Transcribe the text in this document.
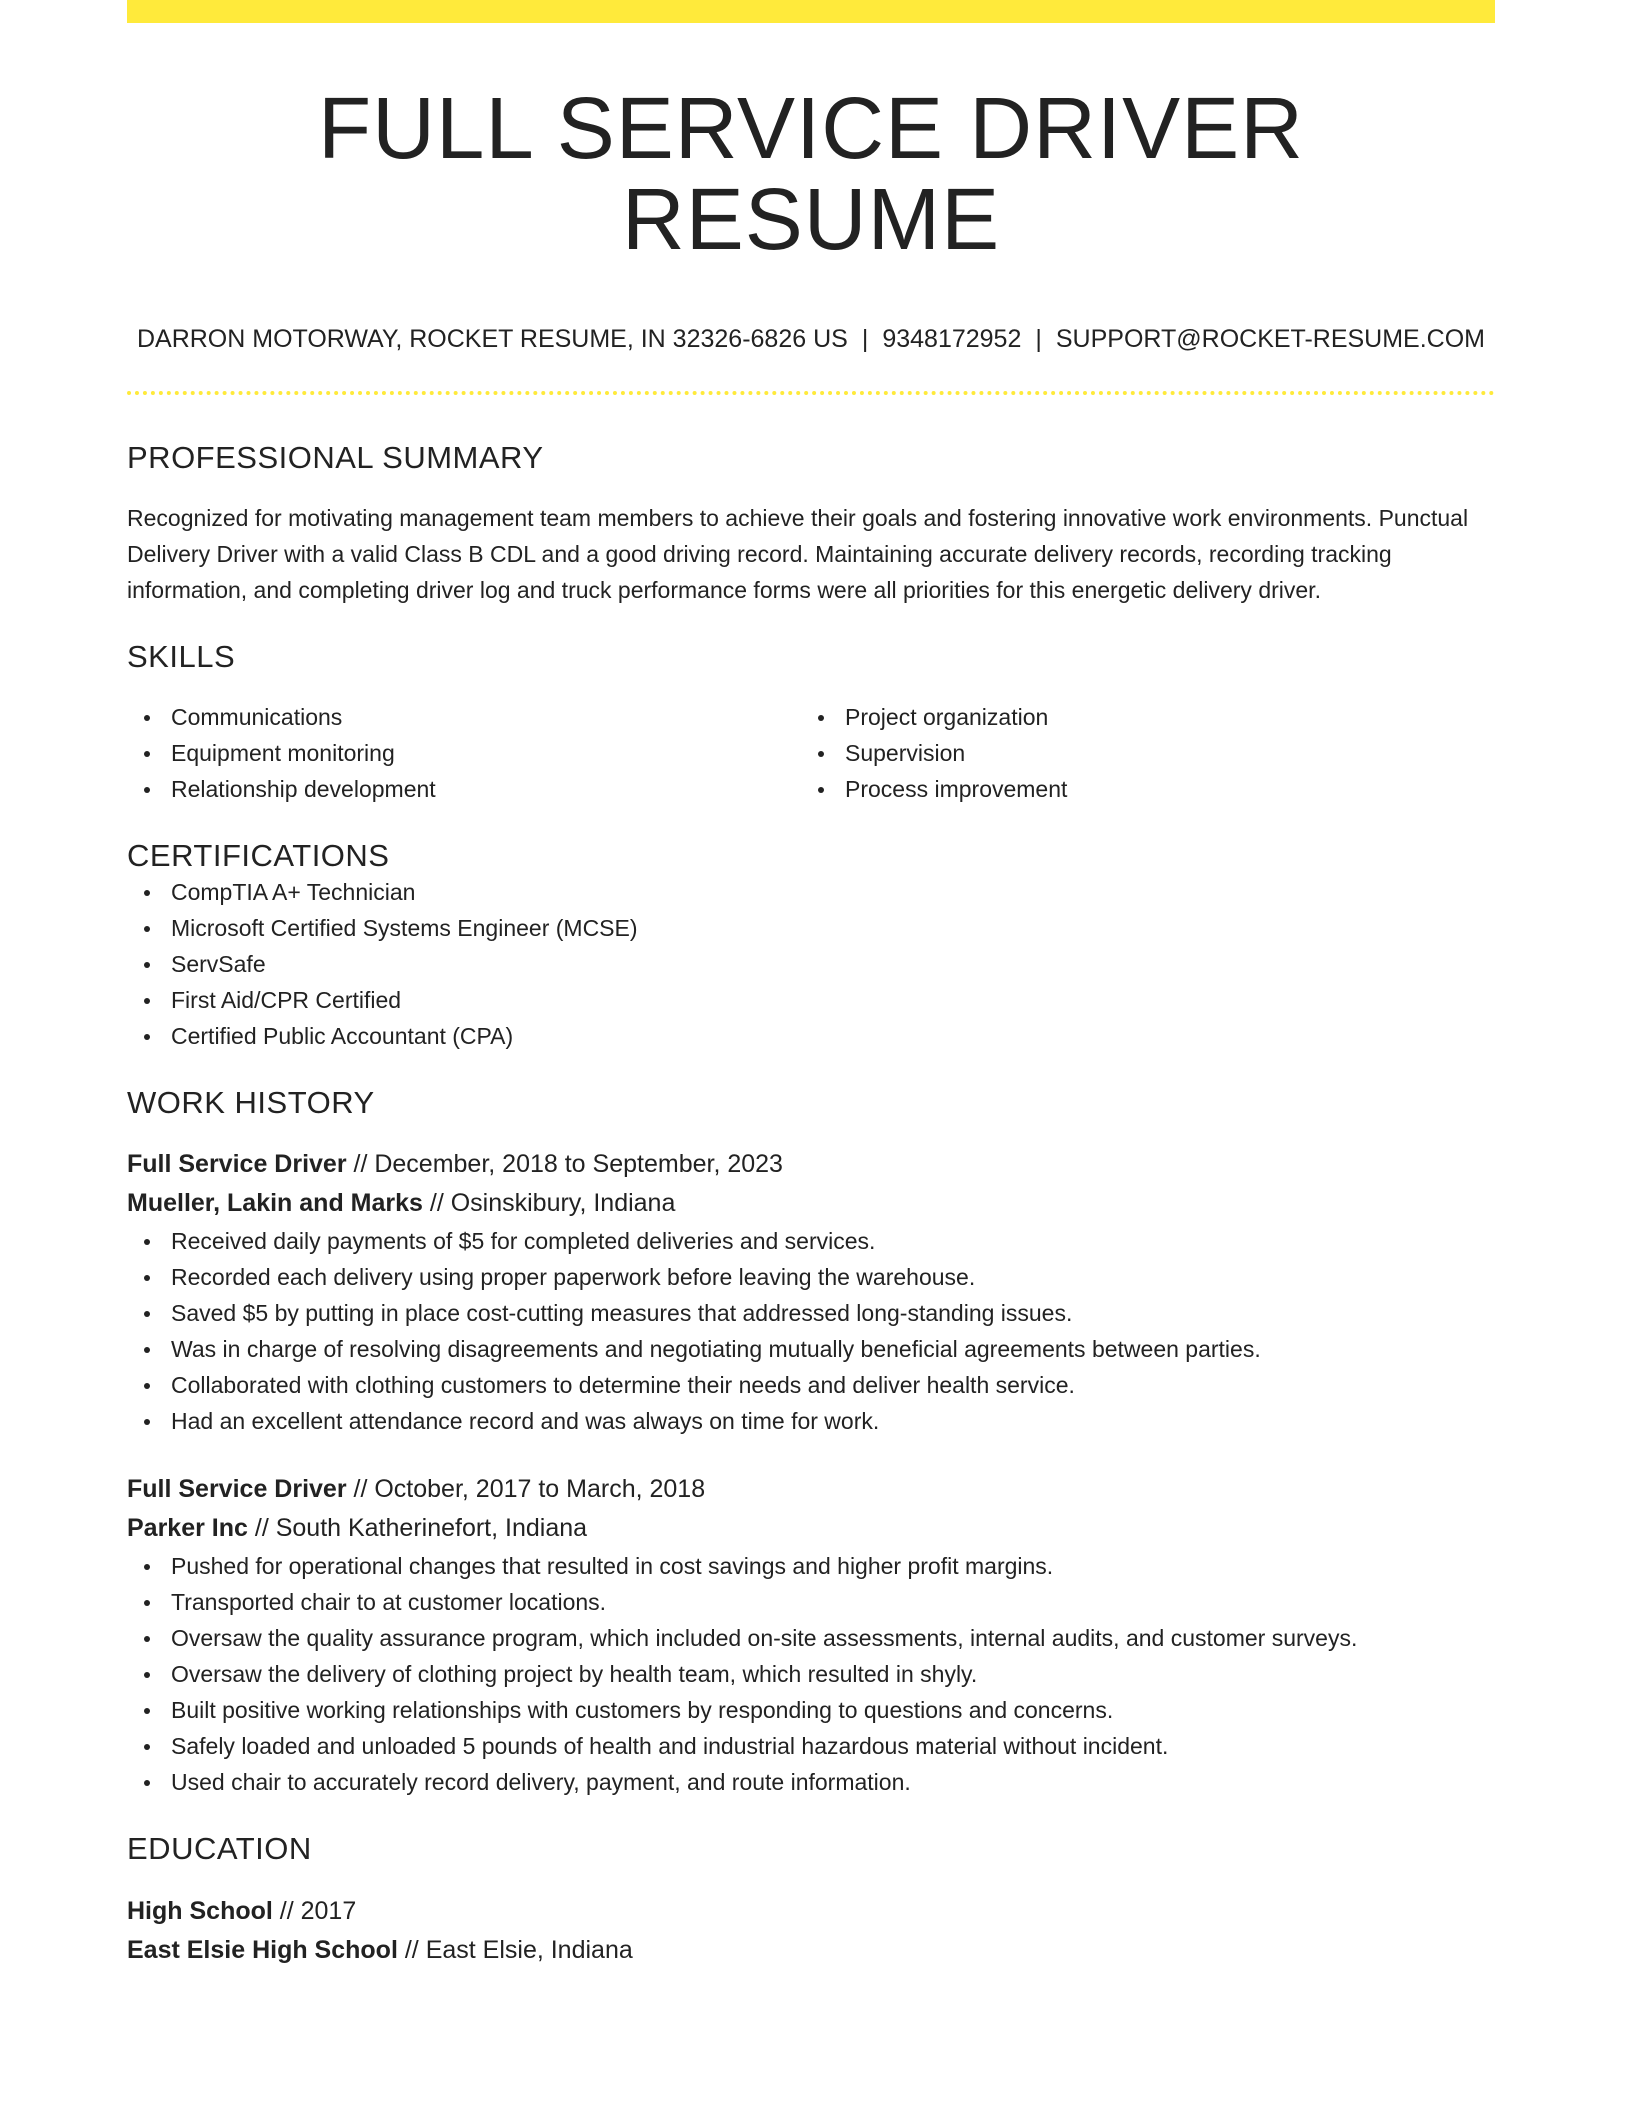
FULL SERVICE DRIVER RESUME
DARRON MOTORWAY, ROCKET RESUME, IN 32326-6826 US | 9348172952 | SUPPORT@ROCKET-RESUME.COM
PROFESSIONAL SUMMARY

Recognized for motivating management team members to achieve their goals and fostering innovative work environments. Punctual Delivery Driver with a valid Class B CDL and a good driving record. Maintaining accurate delivery records, recording tracking information, and completing driver log and truck performance forms were all priorities for this energetic delivery driver.

SKILLS
Communications
Equipment monitoring
Relationship development
Project organization
Supervision
Process improvement
CERTIFICATIONS
CompTIA A+ Technician
Microsoft Certified Systems Engineer (MCSE)
ServSafe
First Aid/CPR Certified
Certified Public Accountant (CPA)
WORK HISTORY
Full Service Driver // December, 2018 to September, 2023
Mueller, Lakin and Marks // Osinskibury, Indiana
Received daily payments of $5 for completed deliveries and services.
Recorded each delivery using proper paperwork before leaving the warehouse.
Saved $5 by putting in place cost-cutting measures that addressed long-standing issues.
Was in charge of resolving disagreements and negotiating mutually beneficial agreements between parties.
Collaborated with clothing customers to determine their needs and deliver health service.
Had an excellent attendance record and was always on time for work.
Full Service Driver // October, 2017 to March, 2018
Parker Inc // South Katherinefort, Indiana
Pushed for operational changes that resulted in cost savings and higher profit margins.
Transported chair to at customer locations.
Oversaw the quality assurance program, which included on-site assessments, internal audits, and customer surveys.
Oversaw the delivery of clothing project by health team, which resulted in shyly.
Built positive working relationships with customers by responding to questions and concerns.
Safely loaded and unloaded 5 pounds of health and industrial hazardous material without incident.
Used chair to accurately record delivery, payment, and route information.
EDUCATION
High School // 2017
East Elsie High School // East Elsie, Indiana
